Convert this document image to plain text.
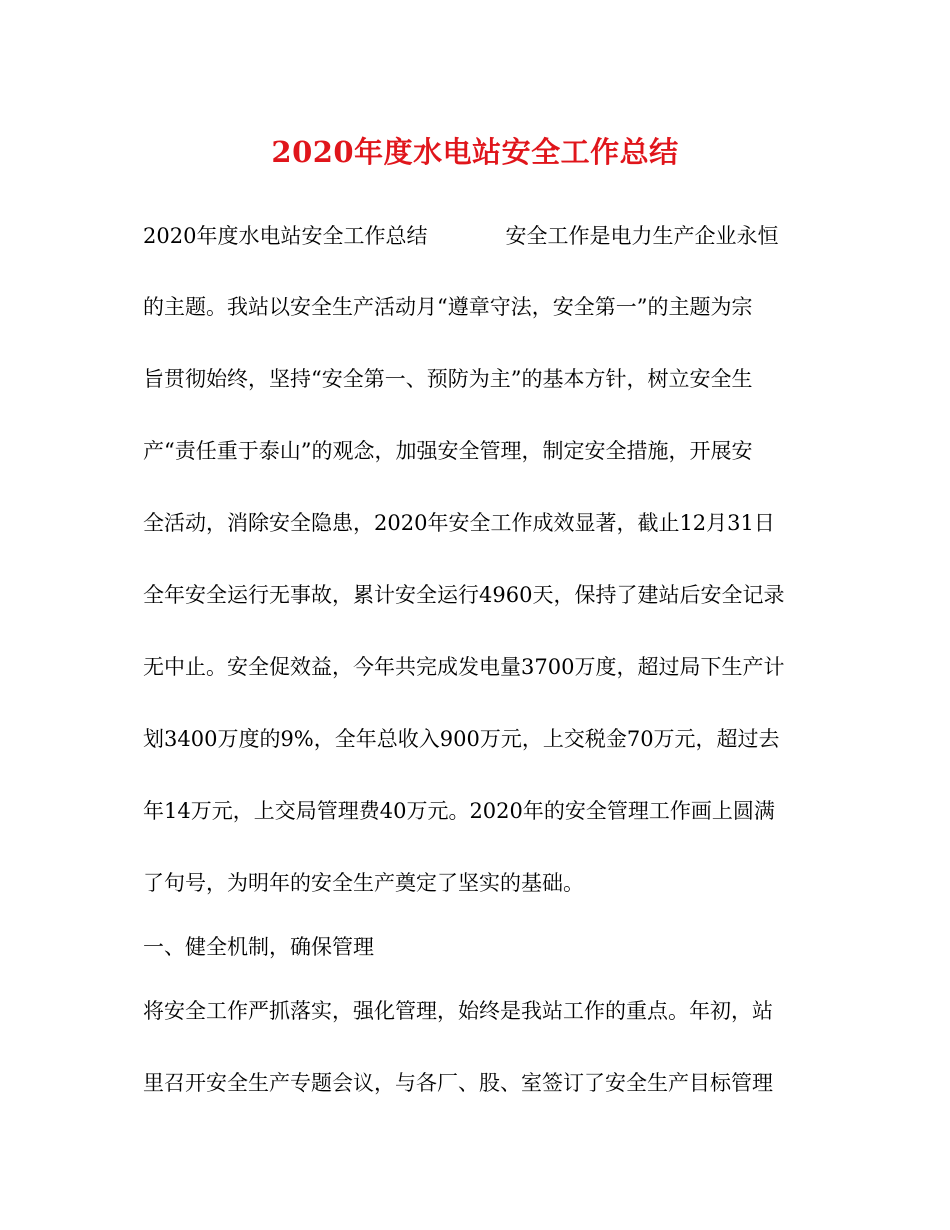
2020年度水电站安全工作总结
2020年度水电站安全工作总结	安全工作是电力生产企业永恒
的主题。我站以安全生产活动月“遵章守法，安全第一”的主题为宗
旨贯彻始终，坚持“安全第一、预防为主”的基本方针，树立安全生
产“责任重于泰山”的观念，加强安全管理，制定安全措施，开展安
全活动，消除安全隐患，2020年安全工作成效显著，截止12月31日
全年安全运行无事故，累计安全运行4960天，保持了建站后安全记录
无中止。安全促效益，今年共完成发电量3700万度，超过局下生产计
划3400万度的9%，全年总收入900万元，上交税金70万元，超过去
年14万元，上交局管理费40万元。2020年的安全管理工作画上圆满
了句号，为明年的安全生产奠定了坚实的基础。
一、健全机制，确保管理
将安全工作严抓落实，强化管理，始终是我站工作的重点。年初，站
里召开安全生产专题会议，与各厂、股、室签订了安全生产目标管理
